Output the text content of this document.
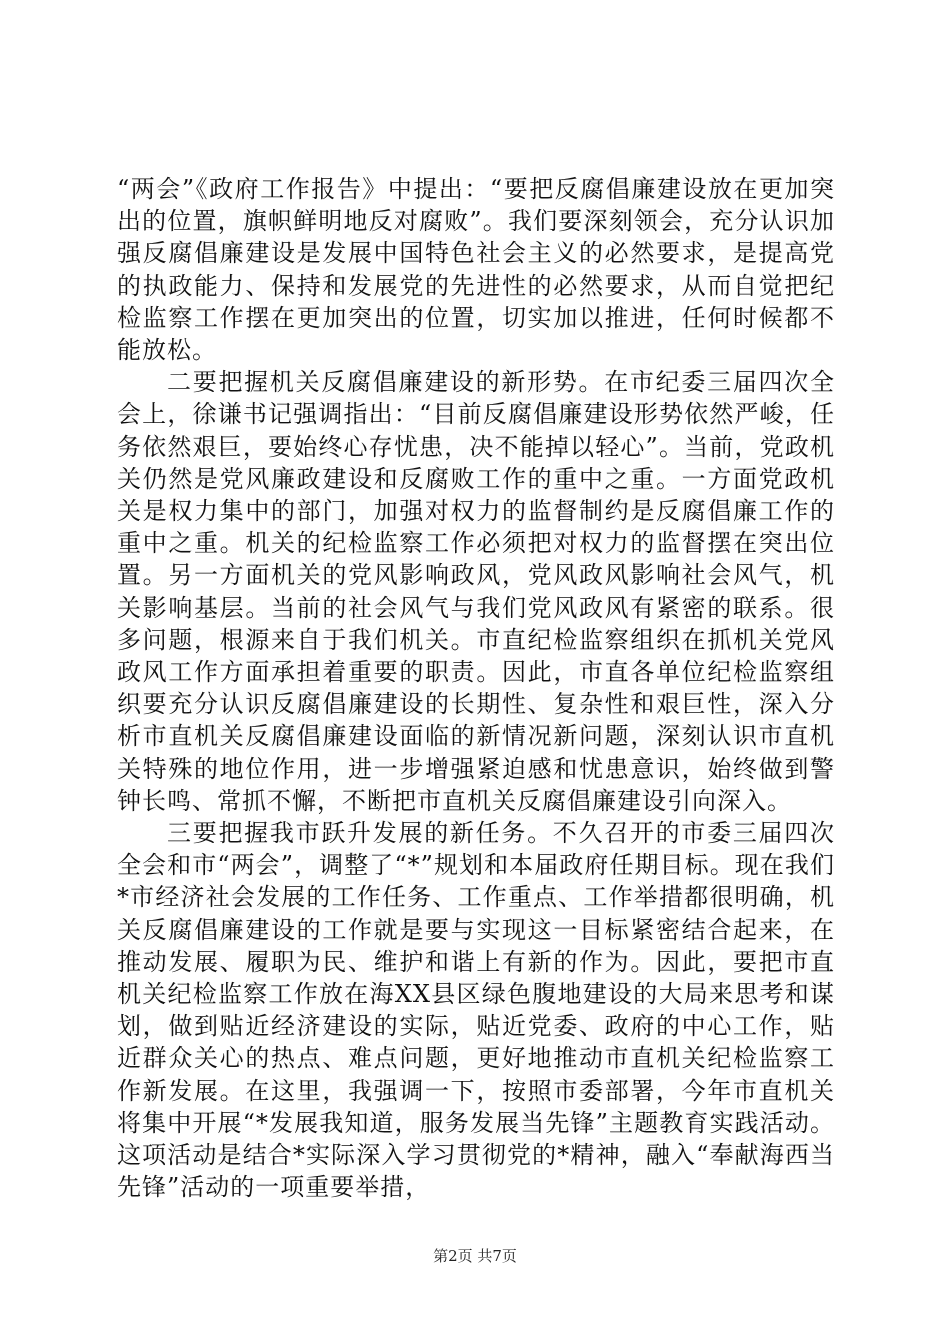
“两会”《政府工作报告》中提出：“要把反腐倡廉建设放在更加突出的位置，旗帜鲜明地反对腐败”。我们要深刻领会，充分认识加强反腐倡廉建设是发展中国特色社会主义的必然要求，是提高党的执政能力、保持和发展党的先进性的必然要求，从而自觉把纪检监察工作摆在更加突出的位置，切实加以推进，任何时候都不能放松。

二要把握机关反腐倡廉建设的新形势。在市纪委三届四次全会上，徐谦书记强调指出：“目前反腐倡廉建设形势依然严峻，任务依然艰巨，要始终心存忧患，决不能掉以轻心”。当前，党政机关仍然是党风廉政建设和反腐败工作的重中之重。一方面党政机关是权力集中的部门，加强对权力的监督制约是反腐倡廉工作的重中之重。机关的纪检监察工作必须把对权力的监督摆在突出位置。另一方面机关的党风影响政风，党风政风影响社会风气，机关影响基层。当前的社会风气与我们党风政风有紧密的联系。很多问题，根源来自于我们机关。市直纪检监察组织在抓机关党风政风工作方面承担着重要的职责。因此，市直各单位纪检监察组织要充分认识反腐倡廉建设的长期性、复杂性和艰巨性，深入分析市直机关反腐倡廉建设面临的新情况新问题，深刻认识市直机关特殊的地位作用，进一步增强紧迫感和忧患意识，始终做到警钟长鸣、常抓不懈，不断把市直机关反腐倡廉建设引向深入。

三要把握我市跃升发展的新任务。不久召开的市委三届四次全会和市“两会”，调整了“*”规划和本届政府任期目标。现在我们*市经济社会发展的工作任务、工作重点、工作举措都很明确，机关反腐倡廉建设的工作就是要与实现这一目标紧密结合起来，在推动发展、履职为民、维护和谐上有新的作为。因此，要把市直机关纪检监察工作放在海XX县区绿色腹地建设的大局来思考和谋划，做到贴近经济建设的实际，贴近党委、政府的中心工作，贴近群众关心的热点、难点问题，更好地推动市直机关纪检监察工作新发展。在这里，我强调一下，按照市委部署，今年市直机关将集中开展“*发展我知道，服务发展当先锋”主题教育实践活动。这项活动是结合*实际深入学习贯彻党的*精神，融入“奉献海西当先锋”活动的一项重要举措，

第2页 共7页
